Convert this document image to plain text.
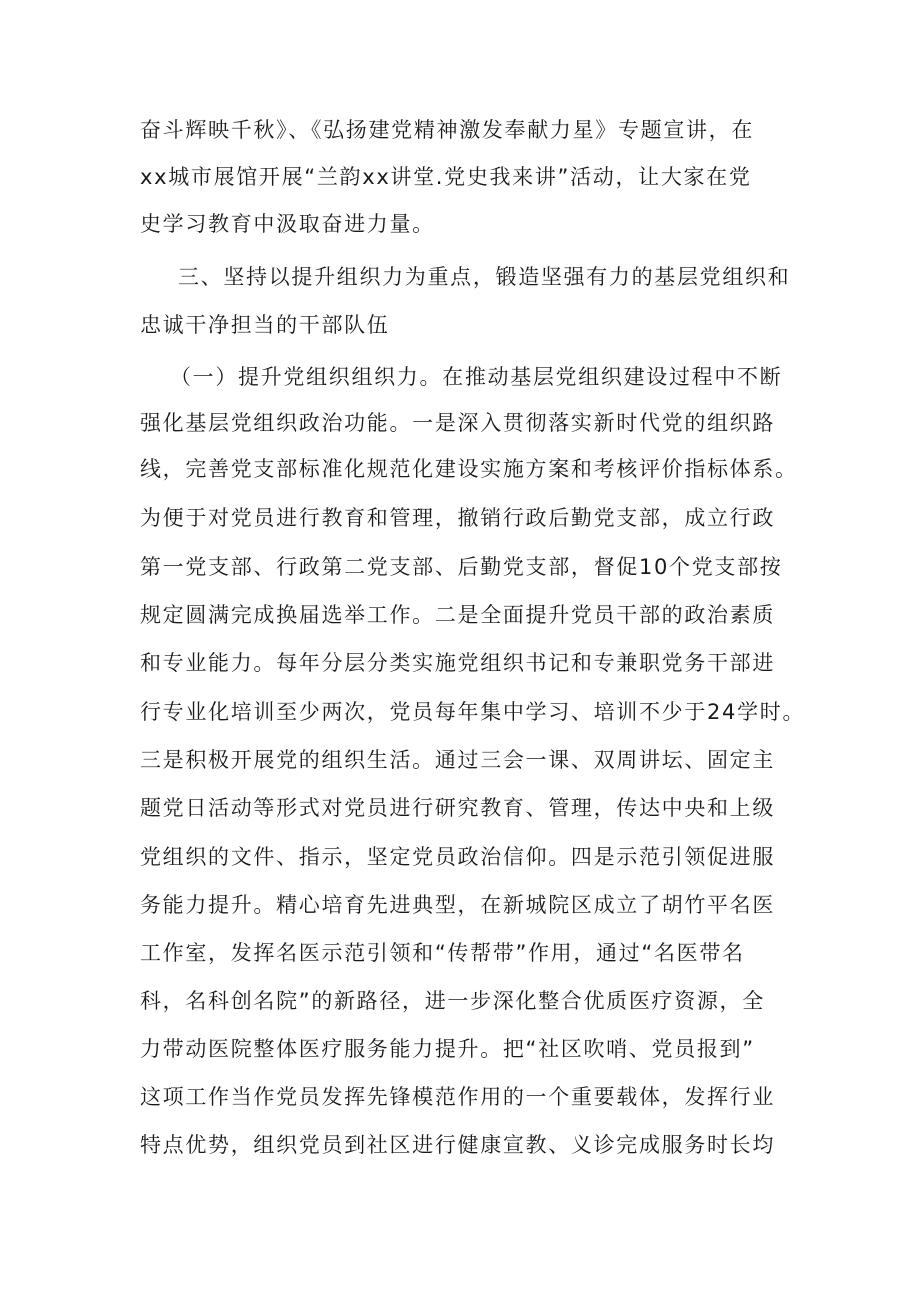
奋斗辉映千秋》、《弘扬建党精神激发奉献力星》专题宣讲，在
xx城市展馆开展“兰韵xx讲堂.党史我来讲”活动，让大家在党
史学习教育中汲取奋进力量。
三、坚持以提升组织力为重点，锻造坚强有力的基层党组织和
忠诚干净担当的干部队伍
（一）提升党组织组织力。在推动基层党组织建设过程中不断
强化基层党组织政治功能。一是深入贯彻落实新时代党的组织路
线，完善党支部标准化规范化建设实施方案和考核评价指标体系。
为便于对党员进行教育和管理，撤销行政后勤党支部，成立行政
第一党支部、行政第二党支部、后勤党支部，督促10个党支部按
规定圆满完成换届选举工作。二是全面提升党员干部的政治素质
和专业能力。每年分层分类实施党组织书记和专兼职党务干部进
行专业化培训至少两次，党员每年集中学习、培训不少于24学时。
三是积极开展党的组织生活。通过三会一课、双周讲坛、固定主
题党日活动等形式对党员进行研究教育、管理，传达中央和上级
党组织的文件、指示，坚定党员政治信仰。四是示范引领促进服
务能力提升。精心培育先进典型，在新城院区成立了胡竹平名医
工作室，发挥名医示范引领和“传帮带”作用，通过“名医带名
科，名科创名院”的新路径，进一步深化整合优质医疗资源，全
力带动医院整体医疗服务能力提升。把“社区吹哨、党员报到”
这项工作当作党员发挥先锋模范作用的一个重要载体，发挥行业
特点优势，组织党员到社区进行健康宣教、义诊完成服务时长均
